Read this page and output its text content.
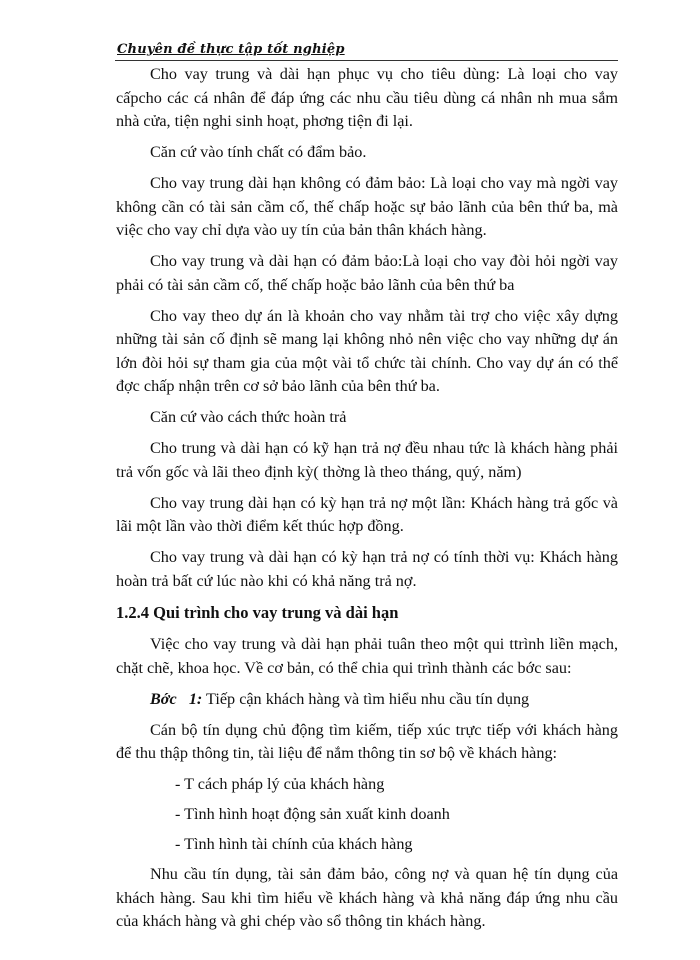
Chuyên đề thực tập tốt nghiệp

Cho vay trung và dài hạn phục vụ cho tiêu dùng: Là loại cho vay cấpcho các cá nhân để đáp ứng các nhu cầu tiêu dùng cá nhân nh mua sắm nhà cửa, tiện nghi sinh hoạt, phơng tiện đi lại.

Căn cứ vào tính chất có đẩm bảo.

Cho vay trung dài hạn không có đảm bảo: Là loại cho vay mà ngời vay không cần có tài sản cầm cố, thế chấp hoặc sự bảo lãnh của bên thứ ba, mà việc cho vay chỉ dựa vào uy tín của bản thân khách hàng.

Cho vay trung và dài hạn có đảm bảo:Là loại cho vay đòi hỏi ngời vay phải có tài sản cầm cố, thế chấp hoặc bảo lãnh của bên thứ ba

Cho vay theo dự án là khoản cho vay nhằm tài trợ cho việc xây dựng những tài sản cố định sẽ mang lại không nhỏ nên việc cho vay những dự án lớn đòi hỏi sự tham gia của một vài tổ chức tài chính. Cho vay dự án có thể đợc chấp nhận trên cơ sở bảo lãnh của bên thứ ba.

Căn cứ vào cách thức hoàn trả

Cho trung và dài hạn có kỹ hạn trả nợ đều nhau tức là khách hàng phải trả vốn gốc và lãi theo định kỳ( thờng là theo tháng, quý, năm)

Cho vay trung dài hạn có kỳ hạn trả nợ một lần: Khách hàng trả gốc và lãi một lần vào thời điểm kết thúc hợp đồng.

Cho vay trung và dài hạn có kỳ hạn trả nợ có tính thời vụ: Khách hàng hoàn trả bất cứ lúc nào khi có khả năng trả nợ.

1.2.4 Qui trình cho vay trung và dài hạn

Việc cho vay trung và dài hạn phải tuân theo một qui ttrình liền mạch, chặt chẽ, khoa học. Về cơ bản, có thể chia qui trình thành các bớc sau:

Bớc 1: Tiếp cận khách hàng và tìm hiểu nhu cầu tín dụng

Cán bộ tín dụng chủ động tìm kiếm, tiếp xúc trực tiếp với khách hàng để thu thập thông tin, tài liệu để nắm thông tin sơ bộ về khách hàng:

- T cách pháp lý của khách hàng

- Tình hình hoạt động sản xuất kinh doanh

- Tình hình tài chính của khách hàng

Nhu cầu tín dụng, tài sản đảm bảo, công nợ và quan hệ tín dụng của khách hàng. Sau khi tìm hiểu về khách hàng và khả năng đáp ứng nhu cầu của khách hàng và ghi chép vào sổ thông tin khách hàng.
